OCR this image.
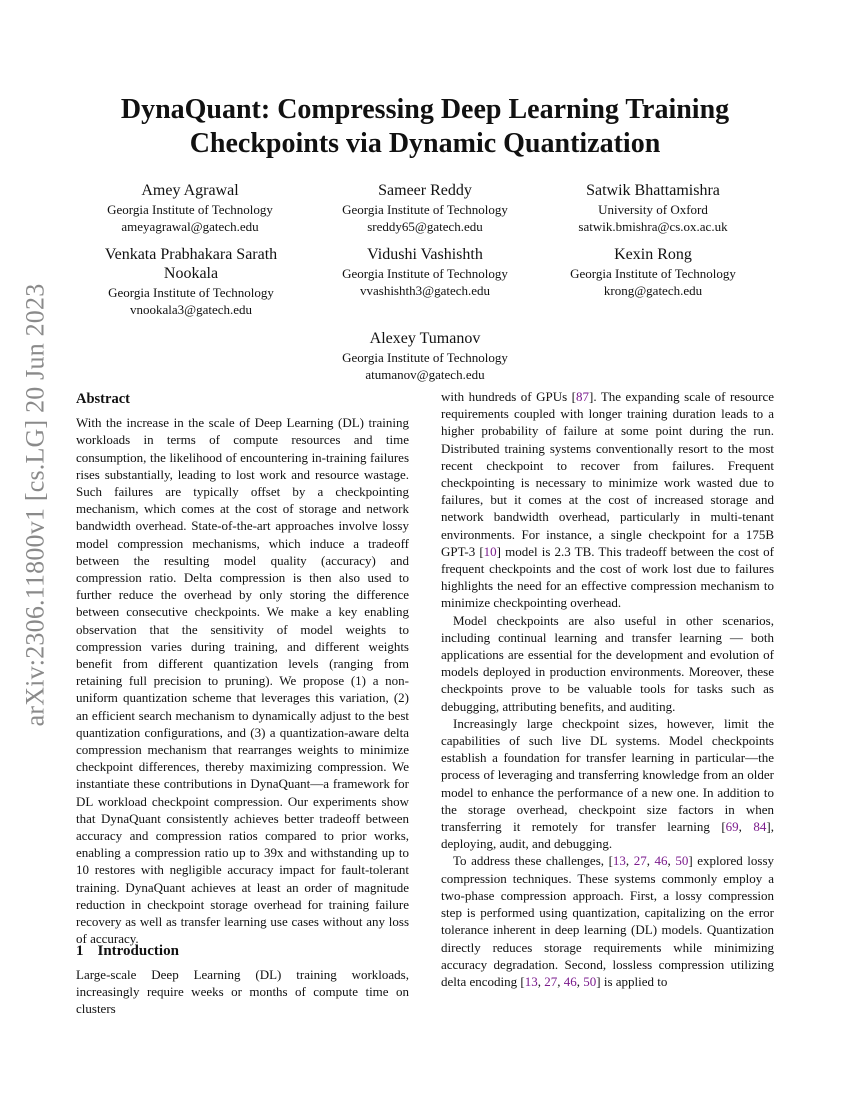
arXiv:2306.11800v1 [cs.LG] 20 Jun 2023
DynaQuant: Compressing Deep Learning Training
Checkpoints via Dynamic Quantization
Amey Agrawal
Georgia Institute of Technology
ameyagrawal@gatech.edu
Sameer Reddy
Georgia Institute of Technology
sreddy65@gatech.edu
Satwik Bhattamishra
University of Oxford
satwik.bmishra@cs.ox.ac.uk
Venkata Prabhakara Sarath Nookala
Georgia Institute of Technology
vnookala3@gatech.edu
Vidushi Vashishth
Georgia Institute of Technology
vvashishth3@gatech.edu
Kexin Rong
Georgia Institute of Technology
krong@gatech.edu
Alexey Tumanov
Georgia Institute of Technology
atumanov@gatech.edu
Abstract

With the increase in the scale of Deep Learning (DL) training workloads in terms of compute resources and time consumption, the likelihood of encountering in-training failures rises substantially, leading to lost work and resource wastage. Such failures are typically offset by a checkpointing mechanism, which comes at the cost of storage and network bandwidth overhead. State-of-the-art approaches involve lossy model compression mechanisms, which induce a tradeoff between the resulting model quality (accuracy) and compression ratio. Delta compression is then also used to further reduce the overhead by only storing the difference between consecutive checkpoints. We make a key enabling observation that the sensitivity of model weights to compression varies during training, and different weights benefit from different quantization levels (ranging from retaining full precision to pruning). We propose (1) a non-uniform quantization scheme that leverages this variation, (2) an efficient search mechanism to dynamically adjust to the best quantization configurations, and (3) a quantization-aware delta compression mechanism that rearranges weights to minimize checkpoint differences, thereby maximizing compression. We instantiate these contributions in DynaQuant—a framework for DL workload checkpoint compression. Our experiments show that DynaQuant consistently achieves better tradeoff between accuracy and compression ratios compared to prior works, enabling a compression ratio up to 39x and withstanding up to 10 restores with negligible accuracy impact for fault-tolerant training. DynaQuant achieves at least an order of magnitude reduction in checkpoint storage overhead for training failure recovery as well as transfer learning use cases without any loss of accuracy.

1 Introduction

Large-scale Deep Learning (DL) training workloads, increasingly require weeks or months of compute time on clusters

with hundreds of GPUs [87]. The expanding scale of resource requirements coupled with longer training duration leads to a higher probability of failure at some point during the run. Distributed training systems conventionally resort to the most recent checkpoint to recover from failures. Frequent checkpointing is necessary to minimize work wasted due to failures, but it comes at the cost of increased storage and network bandwidth overhead, particularly in multi-tenant environments. For instance, a single checkpoint for a 175B GPT-3 [10] model is 2.3 TB. This tradeoff between the cost of frequent checkpoints and the cost of work lost due to failures highlights the need for an effective compression mechanism to minimize checkpointing overhead.

Model checkpoints are also useful in other scenarios, including continual learning and transfer learning — both applications are essential for the development and evolution of models deployed in production environments. Moreover, these checkpoints prove to be valuable tools for tasks such as debugging, attributing benefits, and auditing.

Increasingly large checkpoint sizes, however, limit the capabilities of such live DL systems. Model checkpoints establish a foundation for transfer learning in particular—the process of leveraging and transferring knowledge from an older model to enhance the performance of a new one. In addition to the storage overhead, checkpoint size factors in when transferring it remotely for transfer learning [69, 84], deploying, audit, and debugging.

To address these challenges, [13, 27, 46, 50] explored lossy compression techniques. These systems commonly employ a two-phase compression approach. First, a lossy compression step is performed using quantization, capitalizing on the error tolerance inherent in deep learning (DL) models. Quantization directly reduces storage requirements while minimizing accuracy degradation. Second, lossless compression utilizing delta encoding [13, 27, 46, 50] is applied to
